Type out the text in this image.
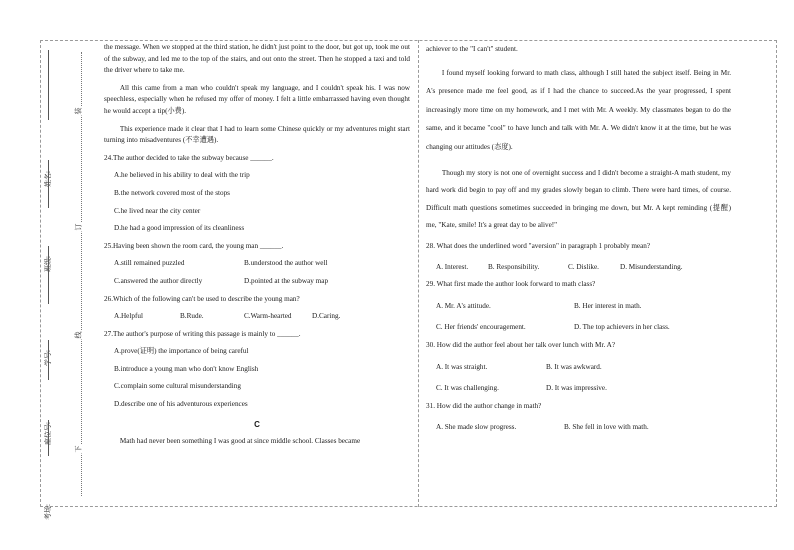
姓名:
班级:
学号:
座位号:
考场:
装
订
线
下

the message. When we stopped at the third station, he didn't just point to the door, but got up, took me out of the subway, and led me to the top of the stairs, and out onto the street. Then he stopped a taxi and told the driver where to take me.

All this came from a man who couldn't speak my language, and I couldn't speak his. I was now speechless, especially when he refused my offer of money. I felt a little embarrassed having even thought he would accept a tip(小费).

This experience made it clear that I had to learn some Chinese quickly or my adventures might start turning into misadventures (不幸遭遇).

24.The author decided to take the subway because ______.

A.he believed in his ability to deal with the trip

B.the network covered most of the stops

C.he lived near the city center

D.he had a good impression of its cleanliness

25.Having been shown the room card, the young man ______.

A.still remained puzzled	B.understood the author well
C.answered the author directly	D.pointed at the subway map

26.Which of the following can't be used to describe the young man?

A.Helpful	B.Rude.	C.Warm-hearted	D.Caring.

27.The author's purpose of writing this passage is mainly to ______.

A.prove(证明) the importance of being careful

B.introduce a young man who don't know English

C.complain some cultural misunderstanding

D.describe one of his adventurous experiences

C

Math had never been something I was good at since middle school. Classes became

achiever to the "I can't" student.

I found myself looking forward to math class, although I still hated the subject itself. Being in Mr. A's presence made me feel good, as if I had the chance to succeed.As the year progressed, I spent increasingly more time on my homework, and I met with Mr. A weekly. My classmates began to do the same, and it became "cool" to have lunch and talk with Mr. A. We didn't know it at the time, but he was changing our attitudes (态度).

Though my story is not one of overnight success and I didn't become a straight-A math student, my hard work did begin to pay off and my grades slowly began to climb. There were hard times, of course. Difficult math questions sometimes succeeded in bringing me down, but Mr. A kept reminding (提醒) me, "Kate, smile! It's a great day to be alive!"

28. What does the underlined word "aversion" in paragraph 1 probably mean?

A. Interest.	B. Responsibility.	C. Dislike.	D. Misunderstanding.

29. What first made the author look forward to math class?

A. Mr. A's attitude.	B. Her interest in math.
C. Her friends' encouragement.	D. The top achievers in her class.

30. How did the author feel about her talk over lunch with Mr. A?

A. It was straight.	B. It was awkward.
C. It was challenging.	D. It was impressive.

31. How did the author change in math?

A. She made slow progress.	B. She fell in love with math.
